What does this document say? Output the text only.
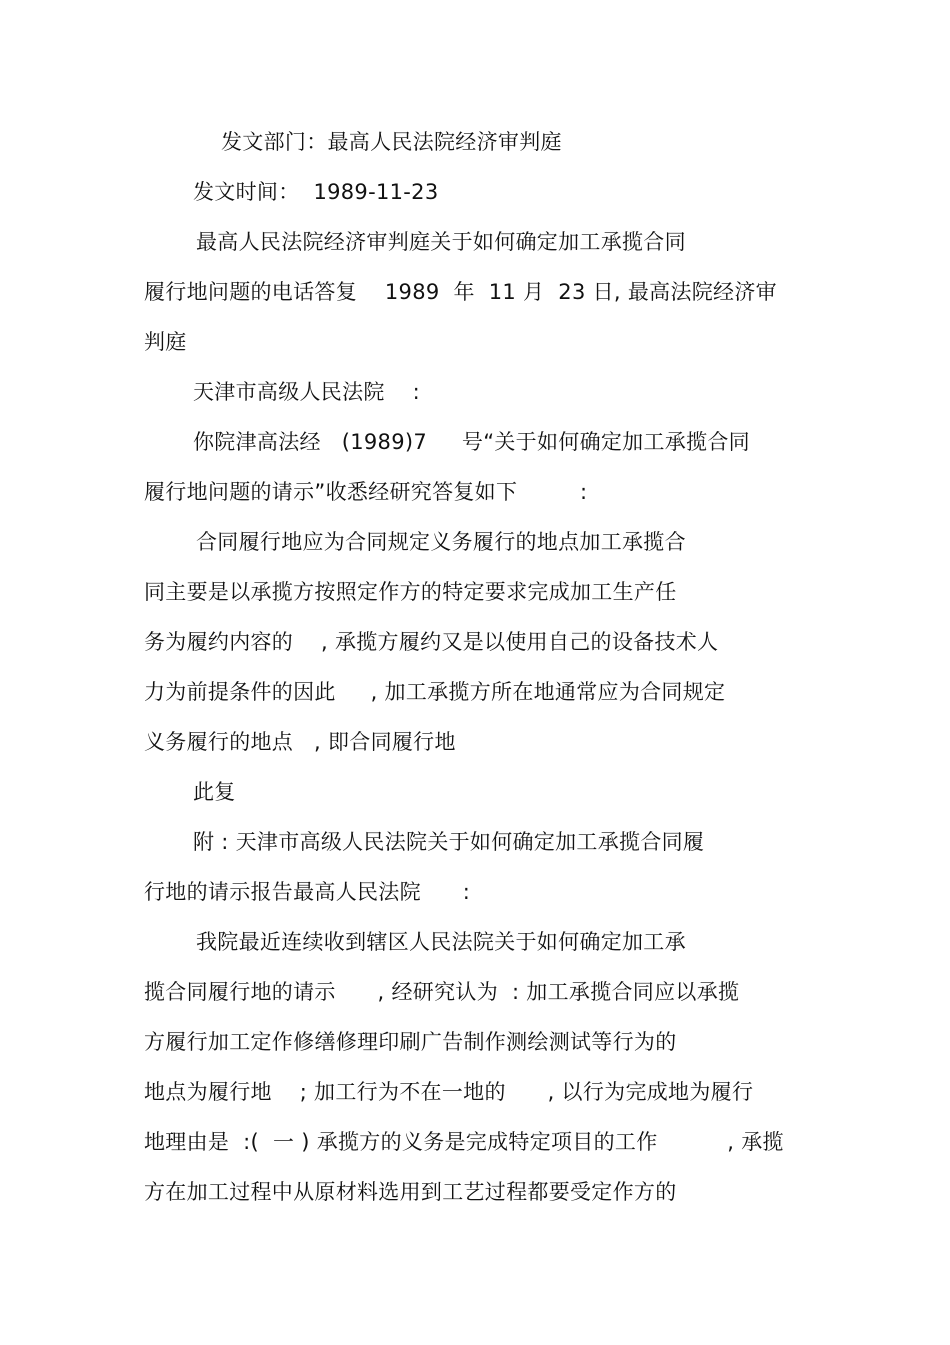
发文部门：最高人民法院经济审判庭
发文时间：  1989-11-23
最高人民法院经济审判庭关于如何确定加工承揽合同
履行地问题的电话答复    1989  年  11 月  23 日, 最高法院经济审
判庭
天津市高级人民法院    :
你院津高法经   (1989)7     号“关于如何确定加工承揽合同
履行地问题的请示”收悉经研究答复如下         :
合同履行地应为合同规定义务履行的地点加工承揽合
同主要是以承揽方按照定作方的特定要求完成加工生产任
务为履约内容的    , 承揽方履约又是以使用自己的设备技术人
力为前提条件的因此     , 加工承揽方所在地通常应为合同规定
义务履行的地点   , 即合同履行地
此复
附 : 天津市高级人民法院关于如何确定加工承揽合同履
行地的请示报告最高人民法院      :
我院最近连续收到辖区人民法院关于如何确定加工承
揽合同履行地的请示      , 经研究认为  : 加工承揽合同应以承揽
方履行加工定作修缮修理印刷广告制作测绘测试等行为的
地点为履行地    ; 加工行为不在一地的      , 以行为完成地为履行
地理由是  :(  一 ) 承揽方的义务是完成特定项目的工作          , 承揽
方在加工过程中从原材料选用到工艺过程都要受定作方的
